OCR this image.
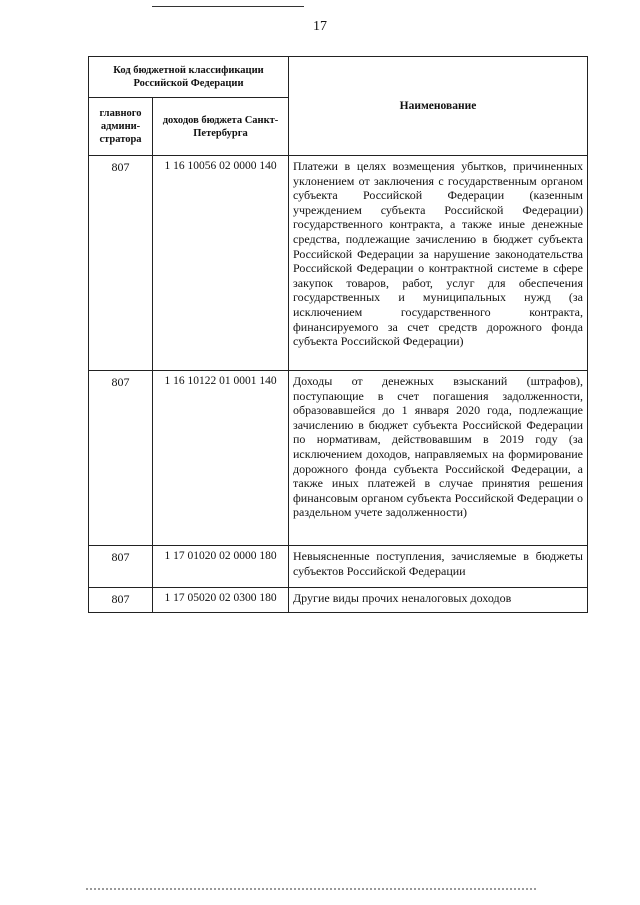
17
Код бюджетной классификации Российской Федерации		Наименование
главного админи-стратора	доходов бюджета Санкт-Петербурга	
807	1 16 10056 02 0000 140	Платежи в целях возмещения убытков, причиненных уклонением от заключения с государственным органом субъекта Российской Федерации (казенным учреждением субъекта Российской Федерации) государственного контракта, а также иные денежные средства, подлежащие зачислению в бюджет субъекта Российской Федерации за нарушение законодательства Российской Федерации о контрактной системе в сфере закупок товаров, работ, услуг для обеспечения государственных и муниципальных нужд (за исключением государственного контракта, финансируемого за счет средств дорожного фонда субъекта Российской Федерации)
807	1 16 10122 01 0001 140	Доходы от денежных взысканий (штрафов), поступающие в счет погашения задолженности, образовавшейся до 1 января 2020 года, подлежащие зачислению в бюджет субъекта Российской Федерации по нормативам, действовавшим в 2019 году (за исключением доходов, направляемых на формирование дорожного фонда субъекта Российской Федерации, а также иных платежей в случае принятия решения финансовым органом субъекта Российской Федерации о раздельном учете задолженности)
807	1 17 01020 02 0000 180	Невыясненные поступления, зачисляемые в бюджеты субъектов Российской Федерации
807	1 17 05020 02 0300 180	Другие виды прочих неналоговых доходов
